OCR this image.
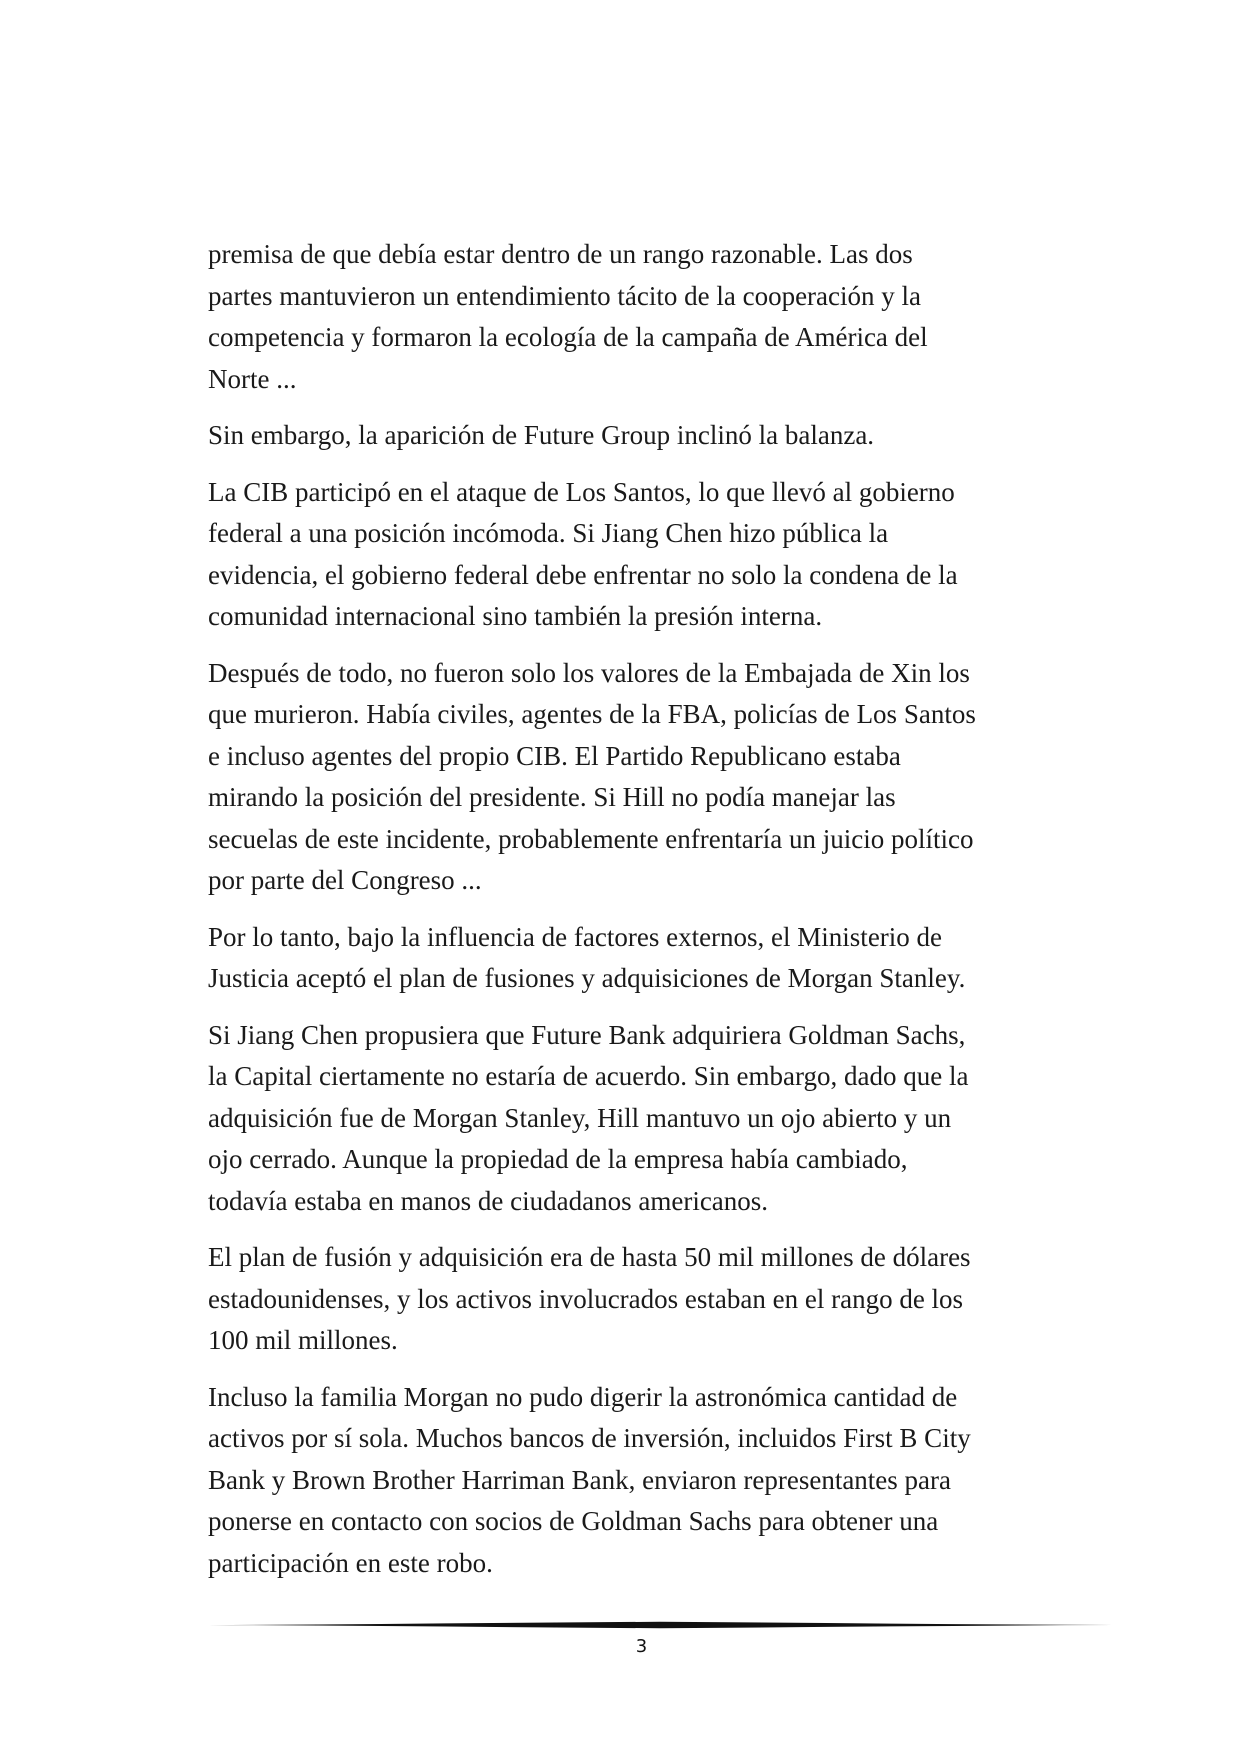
premisa de que debía estar dentro de un rango razonable. Las dos
partes mantuvieron un entendimiento tácito de la cooperación y la
competencia y formaron la ecología de la campaña de América del
Norte ...

Sin embargo, la aparición de Future Group inclinó la balanza.

La CIB participó en el ataque de Los Santos, lo que llevó al gobierno
federal a una posición incómoda. Si Jiang Chen hizo pública la
evidencia, el gobierno federal debe enfrentar no solo la condena de la
comunidad internacional sino también la presión interna.

Después de todo, no fueron solo los valores de la Embajada de Xin los
que murieron. Había civiles, agentes de la FBA, policías de Los Santos
e incluso agentes del propio CIB. El Partido Republicano estaba
mirando la posición del presidente. Si Hill no podía manejar las
secuelas de este incidente, probablemente enfrentaría un juicio político
por parte del Congreso ...

Por lo tanto, bajo la influencia de factores externos, el Ministerio de
Justicia aceptó el plan de fusiones y adquisiciones de Morgan Stanley.

Si Jiang Chen propusiera que Future Bank adquiriera Goldman Sachs,
la Capital ciertamente no estaría de acuerdo. Sin embargo, dado que la
adquisición fue de Morgan Stanley, Hill mantuvo un ojo abierto y un
ojo cerrado. Aunque la propiedad de la empresa había cambiado,
todavía estaba en manos de ciudadanos americanos.

El plan de fusión y adquisición era de hasta 50 mil millones de dólares
estadounidenses, y los activos involucrados estaban en el rango de los
100 mil millones.

Incluso la familia Morgan no pudo digerir la astronómica cantidad de
activos por sí sola. Muchos bancos de inversión, incluidos First B City
Bank y Brown Brother Harriman Bank, enviaron representantes para
ponerse en contacto con socios de Goldman Sachs para obtener una
participación en este robo.

3
